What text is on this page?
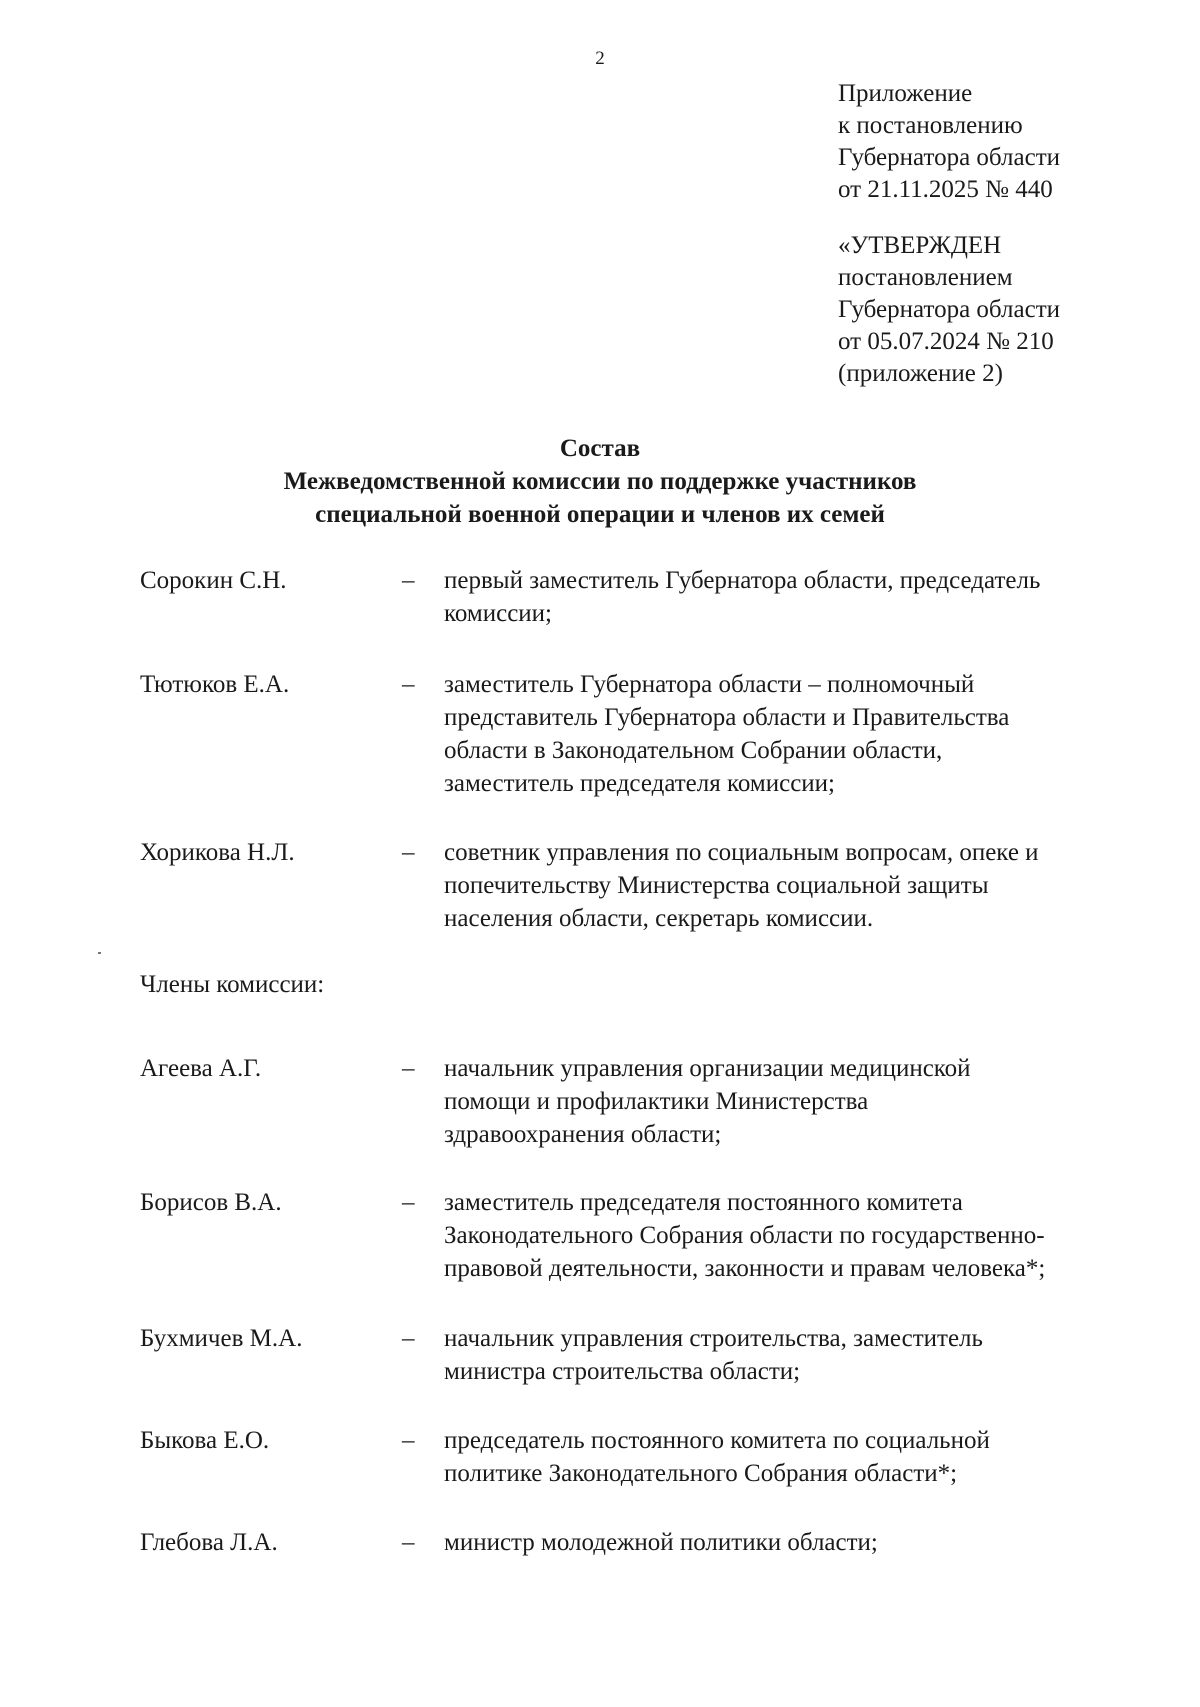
2
Приложение
к постановлению
Губернатора области
от 21.11.2025 № 440
«УТВЕРЖДЕН
постановлением
Губернатора области
от 05.07.2024 № 210
(приложение 2)
Состав
Межведомственной комиссии по поддержке участников
специальной военной операции и членов их семей
Сорокин С.Н.	– первый заместитель Губернатора области, председатель
комиссии;
Тютюков Е.А.	– заместитель Губернатора области – полномочный
представитель Губернатора области и Правительства
области в Законодательном Собрании области,
заместитель председателя комиссии;
Хорикова Н.Л.	– советник управления по социальным вопросам, опеке и
попечительству Министерства социальной защиты
населения области, секретарь комиссии.
Члены комиссии:
Агеева А.Г.	– начальник управления организации медицинской
помощи и профилактики Министерства
здравоохранения области;
Борисов В.А.	– заместитель председателя постоянного комитета
Законодательного Собрания области по государственно-
правовой деятельности, законности и правам человека*;
Бухмичев М.А.	– начальник управления строительства, заместитель
министра строительства области;
Быкова Е.О.	– председатель постоянного комитета по социальной
политике Законодательного Собрания области*;
Глебова Л.А.	– министр молодежной политики области;
